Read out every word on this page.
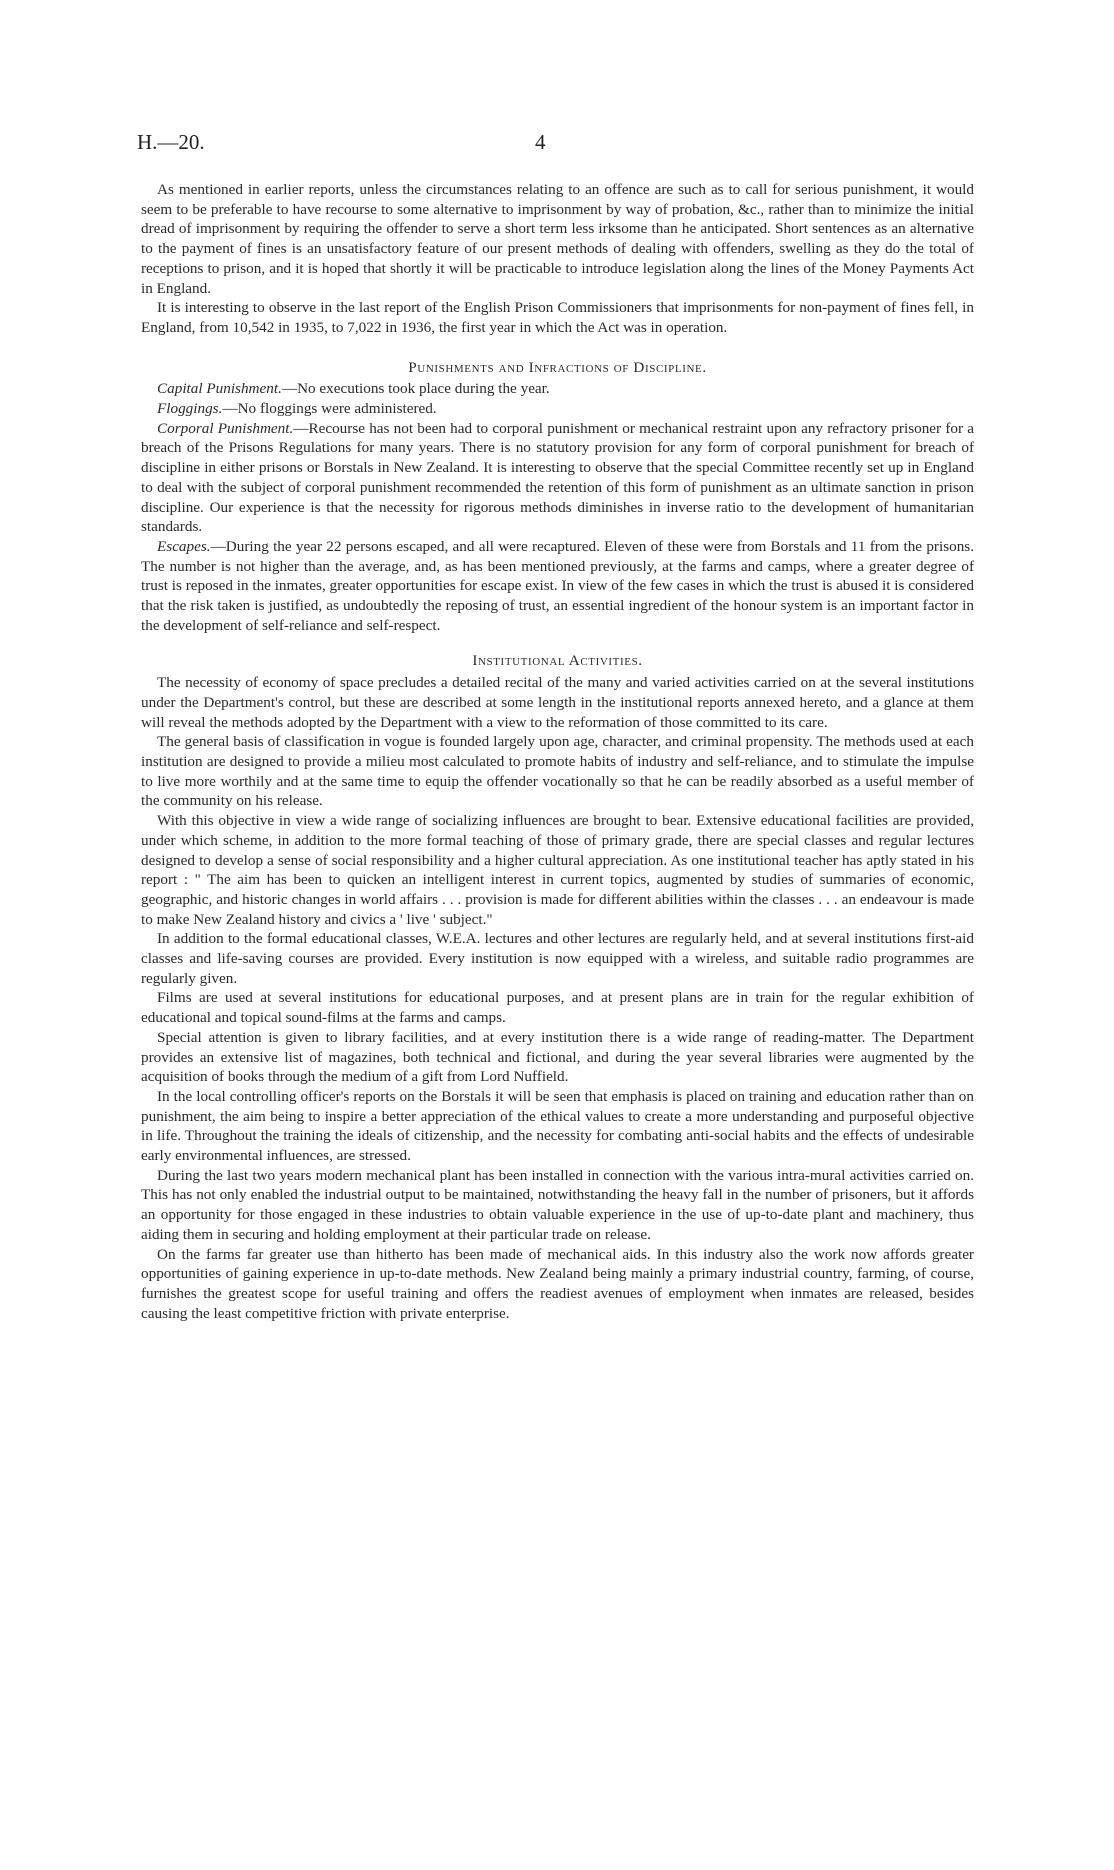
H.—20.	4

As mentioned in earlier reports, unless the circumstances relating to an offence are such as to call for serious punishment, it would seem to be preferable to have recourse to some alternative to imprisonment by way of probation, &c., rather than to minimize the initial dread of imprisonment by requiring the offender to serve a short term less irksome than he anticipated. Short sentences as an alternative to the payment of fines is an unsatisfactory feature of our present methods of dealing with offenders, swelling as they do the total of receptions to prison, and it is hoped that shortly it will be practicable to introduce legislation along the lines of the Money Payments Act in England.

It is interesting to observe in the last report of the English Prison Commissioners that imprisonments for non-payment of fines fell, in England, from 10,542 in 1935, to 7,022 in 1936, the first year in which the Act was in operation.

Punishments and Infractions of Discipline.

Capital Punishment.—No executions took place during the year.

Floggings.—No floggings were administered.

Corporal Punishment.—Recourse has not been had to corporal punishment or mechanical restraint upon any refractory prisoner for a breach of the Prisons Regulations for many years. There is no statutory provision for any form of corporal punishment for breach of discipline in either prisons or Borstals in New Zealand. It is interesting to observe that the special Committee recently set up in England to deal with the subject of corporal punishment recommended the retention of this form of punishment as an ultimate sanction in prison discipline. Our experience is that the necessity for rigorous methods diminishes in inverse ratio to the development of humanitarian standards.

Escapes.—During the year 22 persons escaped, and all were recaptured. Eleven of these were from Borstals and 11 from the prisons. The number is not higher than the average, and, as has been mentioned previously, at the farms and camps, where a greater degree of trust is reposed in the inmates, greater opportunities for escape exist. In view of the few cases in which the trust is abused it is considered that the risk taken is justified, as undoubtedly the reposing of trust, an essential ingredient of the honour system is an important factor in the development of self-reliance and self-respect.

Institutional Activities.

The necessity of economy of space precludes a detailed recital of the many and varied activities carried on at the several institutions under the Department's control, but these are described at some length in the institutional reports annexed hereto, and a glance at them will reveal the methods adopted by the Department with a view to the reformation of those committed to its care.

The general basis of classification in vogue is founded largely upon age, character, and criminal propensity. The methods used at each institution are designed to provide a milieu most calculated to promote habits of industry and self-reliance, and to stimulate the impulse to live more worthily and at the same time to equip the offender vocationally so that he can be readily absorbed as a useful member of the community on his release.

With this objective in view a wide range of socializing influences are brought to bear. Extensive educational facilities are provided, under which scheme, in addition to the more formal teaching of those of primary grade, there are special classes and regular lectures designed to develop a sense of social responsibility and a higher cultural appreciation. As one institutional teacher has aptly stated in his report : " The aim has been to quicken an intelligent interest in current topics, augmented by studies of summaries of economic, geographic, and historic changes in world affairs . . . provision is made for different abilities within the classes . . . an endeavour is made to make New Zealand history and civics a ' live ' subject."

In addition to the formal educational classes, W.E.A. lectures and other lectures are regularly held, and at several institutions first-aid classes and life-saving courses are provided. Every institution is now equipped with a wireless, and suitable radio programmes are regularly given.

Films are used at several institutions for educational purposes, and at present plans are in train for the regular exhibition of educational and topical sound-films at the farms and camps.

Special attention is given to library facilities, and at every institution there is a wide range of reading-matter. The Department provides an extensive list of magazines, both technical and fictional, and during the year several libraries were augmented by the acquisition of books through the medium of a gift from Lord Nuffield.

In the local controlling officer's reports on the Borstals it will be seen that emphasis is placed on training and education rather than on punishment, the aim being to inspire a better appreciation of the ethical values to create a more understanding and purposeful objective in life. Throughout the training the ideals of citizenship, and the necessity for combating anti-social habits and the effects of undesirable early environmental influences, are stressed.

During the last two years modern mechanical plant has been installed in connection with the various intra-mural activities carried on. This has not only enabled the industrial output to be maintained, notwithstanding the heavy fall in the number of prisoners, but it affords an opportunity for those engaged in these industries to obtain valuable experience in the use of up-to-date plant and machinery, thus aiding them in securing and holding employment at their particular trade on release.

On the farms far greater use than hitherto has been made of mechanical aids. In this industry also the work now affords greater opportunities of gaining experience in up-to-date methods. New Zealand being mainly a primary industrial country, farming, of course, furnishes the greatest scope for useful training and offers the readiest avenues of employment when inmates are released, besides causing the least competitive friction with private enterprise.
